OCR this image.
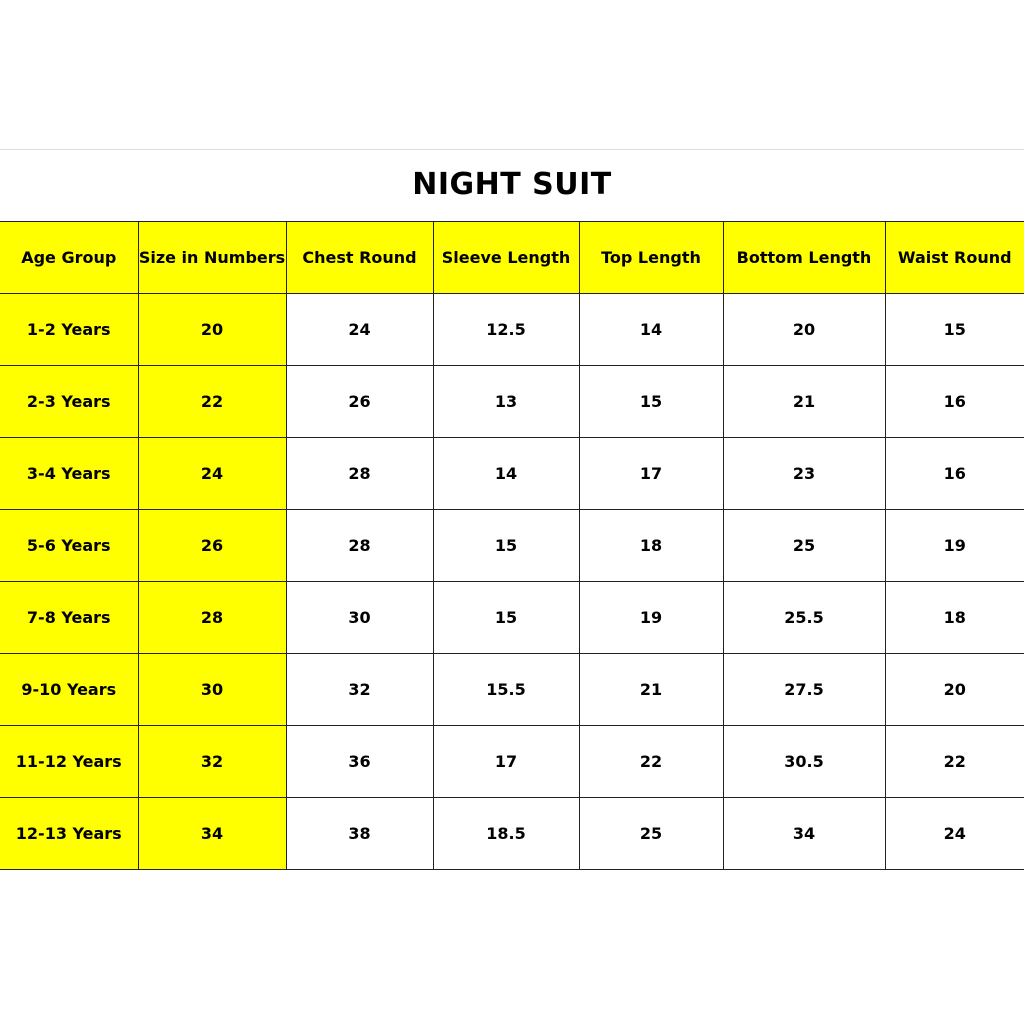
NIGHT SUIT
Age Group	Size in Numbers	Chest Round	Sleeve Length	Top Length	Bottom Length	Waist Round
1-2 Years	20	24	12.5	14	20	15
2-3 Years	22	26	13	15	21	16
3-4 Years	24	28	14	17	23	16
5-6 Years	26	28	15	18	25	19
7-8 Years	28	30	15	19	25.5	18
9-10 Years	30	32	15.5	21	27.5	20
11-12 Years	32	36	17	22	30.5	22
12-13 Years	34	38	18.5	25	34	24
